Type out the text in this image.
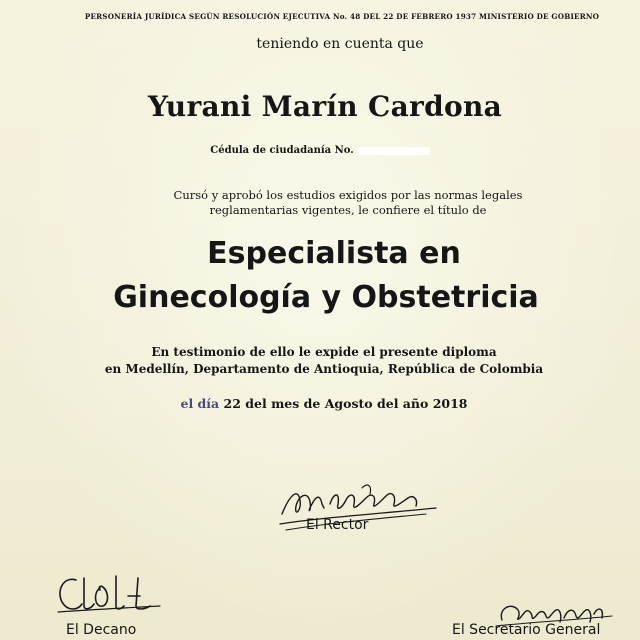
PERSONERÍA JURÍDICA SEGÚN RESOLUCIÓN EJECUTIVA No. 48 DEL 22 DE FEBRERO 1937 MINISTERIO DE GOBIERNO
teniendo en cuenta que
Yurani Marín Cardona
Cédula de ciudadanía No.
Cursó y aprobó los estudios exigidos por las normas legales
reglamentarias vigentes, le confiere el título de
Especialista en
Ginecología y Obstetricia
En testimonio de ello le expide el presente diploma
en Medellín, Departamento de Antioquia, República de Colombia
el día 22 del mes de Agosto del año 2018
El Rector
El Decano	El Secretario General
